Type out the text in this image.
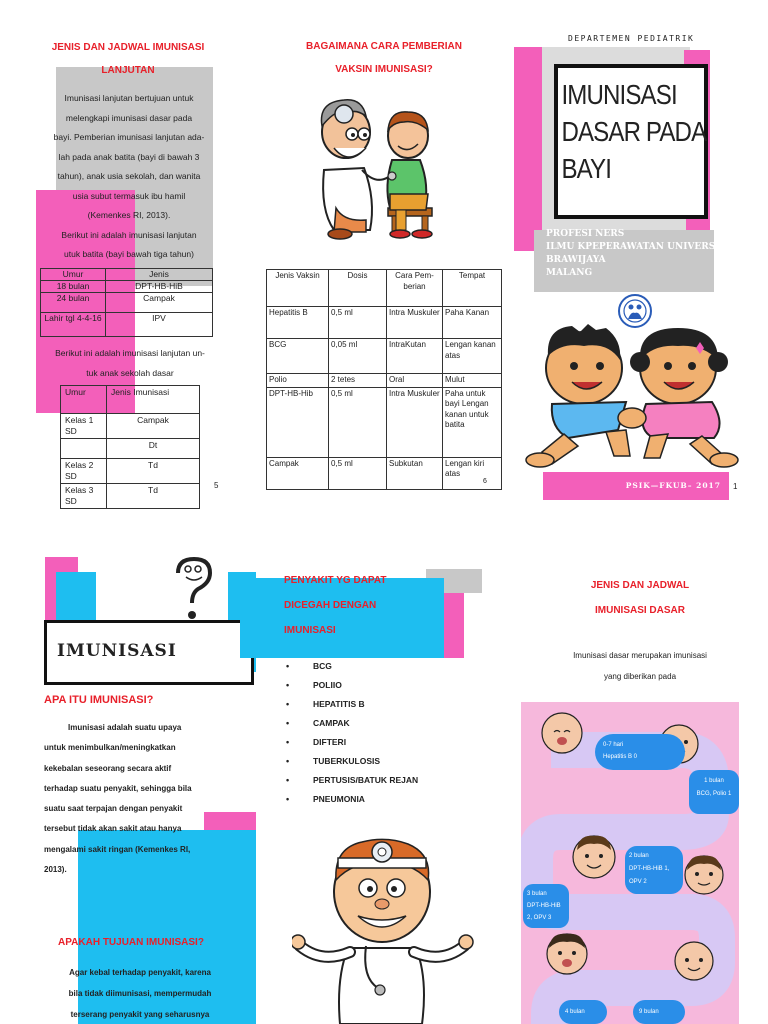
JENIS DAN JADWAL IMUNISASI
LANJUTAN
Imunisasi lanjutan bertujuan untuk
melengkapi imunisasi dasar pada
bayi. Pemberian imunisasi lanjutan ada-
lah pada anak batita (bayi di bawah 3
tahun), anak usia sekolah, dan wanita
usia subut termasuk ibu hamil
(Kemenkes RI, 2013).
Berikut ini adalah imunisasi lanjutan
utuk batita (bayi bawah tiga tahun)
Umur	Jenis
18 bulan	DPT-HB-HiB
24 bulan	Campak
Lahir tgl 4-4-16	IPV
Berikut ini adalah imunisasi lanjutan un-
tuk anak sekolah dasar
Umur	Jenis Imunisasi
Kelas 1 SD	Campak
	Dt
Kelas 2 SD	Td
Kelas 3 SD	Td	5
BAGAIMANA CARA PEMBERIAN
VAKSIN IMUNISASI?
Jenis Vaksin	Dosis	Cara Pem-berian	Tempat
Hepatitis B	0,5 ml	Intra Muskuler	Paha Kanan
BCG	0,05 ml	IntraKutan	Lengan kanan atas
Polio	2 tetes	Oral	Mulut
DPT-HB-Hib	0,5 ml	Intra Muskuler	Paha untuk bayi Lengan kanan untuk batita
Campak	0,5 ml	Subkutan	Lengan kiri atas
6
DEPARTEMEN PEDIATRIK
IMUNISASI
DASAR PADA
BAYI
PROFESI NERS
ILMU KPEPERAWATAN UNIVERSITAS
BRAWIJAYA
MALANG
PSIK—FKUB– 2017 1
IMUNISASI
APA ITU IMUNISASI?
Imunisasi adalah suatu upaya
untuk menimbulkan/meningkatkan
kekebalan seseorang secara aktif
terhadap suatu penyakit, sehingga bila
suatu saat terpajan dengan penyakit
tersebut tidak akan sakit atau hanya
mengalami sakit ringan (Kemenkes RI,
2013).
APAKAH TUJUAN IMUNISASI?
Agar kebal terhadap penyakit, karena
bila tidak diimunisasi, mempermudah
terserang penyakit yang seharusnya
PENYAKIT YG DAPAT
DICEGAH DENGAN
IMUNISASI
• BCG
• POLIIO
• HEPATITIS B
• CAMPAK
• DIFTERI
• TUBERKULOSIS
• PERTUSIS/BATUK REJAN
• PNEUMONIA
JENIS DAN JADWAL
IMUNISASI DASAR
Imunisasi dasar merupakan imunisasi
yang diberikan pada
0-7 hari
Hepatitis B 0
1 bulan
BCG, Polio 1
2 bulan
DPT-HB-HiB 1, OPV 2
3 bulan
DPT-HB-HiB 2, OPV 3
4 bulan	9 bulan
